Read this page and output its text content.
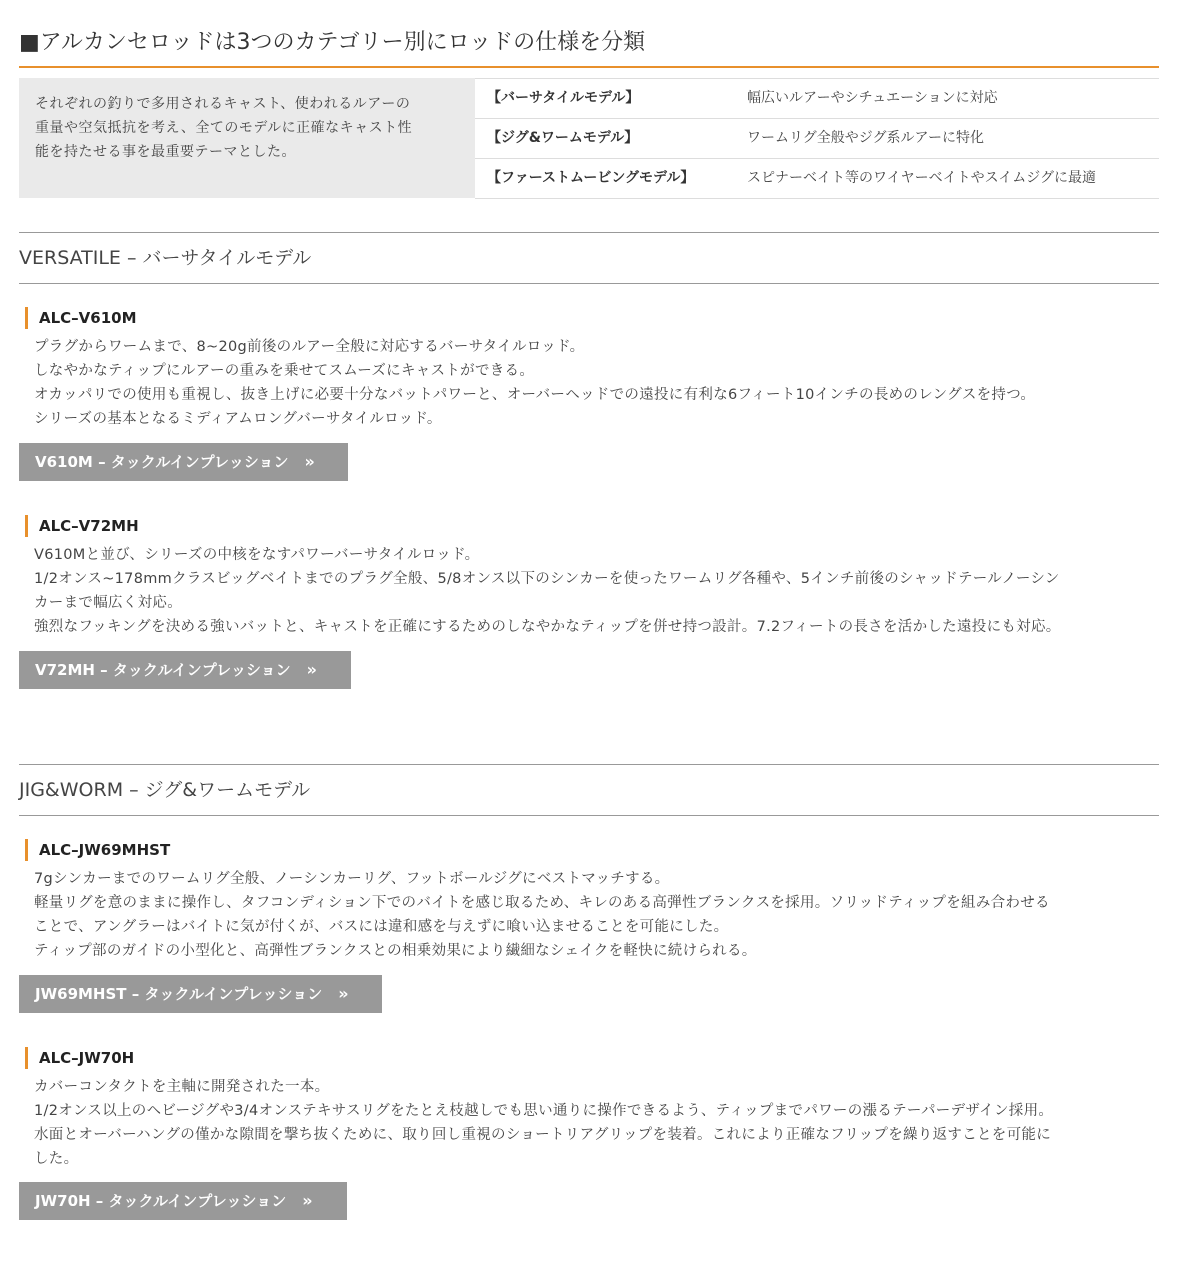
■アルカンセロッドは3つのカテゴリー別にロッドの仕様を分類
それぞれの釣りで多用されるキャスト、使われるルアーの
重量や空気抵抗を考え、全てのモデルに正確なキャスト性
能を持たせる事を最重要テーマとした。
【バーサタイルモデル】	幅広いルアーやシチュエーションに対応
【ジグ&ワームモデル】	ワームリグ全般やジグ系ルアーに特化
【ファーストムービングモデル】	スピナーベイト等のワイヤーベイトやスイムジグに最適
VERSATILE – バーサタイルモデル
ALC–V610M
プラグからワームまで、8~20g前後のルアー全般に対応するバーサタイルロッド。
しなやかなティップにルアーの重みを乗せてスムーズにキャストができる。
オカッパリでの使用も重視し、抜き上げに必要十分なバットパワーと、オーバーヘッドでの遠投に有利な6フィート10インチの長めのレングスを持つ。
シリーズの基本となるミディアムロングバーサタイルロッド。
V610M – タックルインプレッション »
ALC–V72MH
V610Mと並び、シリーズの中核をなすパワーバーサタイルロッド。
1/2オンス~178mmクラスビッグベイトまでのプラグ全般、5/8オンス以下のシンカーを使ったワームリグ各種や、5インチ前後のシャッドテールノーシン
カーまで幅広く対応。
強烈なフッキングを決める強いバットと、キャストを正確にするためのしなやかなティップを併せ持つ設計。7.2フィートの長さを活かした遠投にも対応。
V72MH – タックルインプレッション »
JIG&WORM – ジグ&ワームモデル
ALC–JW69MHST
7gシンカーまでのワームリグ全般、ノーシンカーリグ、フットボールジグにベストマッチする。
軽量リグを意のままに操作し、タフコンディション下でのバイトを感じ取るため、キレのある高弾性ブランクスを採用。ソリッドティップを組み合わせる
ことで、アングラーはバイトに気が付くが、バスには違和感を与えずに喰い込ませることを可能にした。
ティップ部のガイドの小型化と、高弾性ブランクスとの相乗効果により繊細なシェイクを軽快に続けられる。
JW69MHST – タックルインプレッション »
ALC–JW70H
カバーコンタクトを主軸に開発された一本。
1/2オンス以上のヘビージグや3/4オンステキサスリグをたとえ枝越しでも思い通りに操作できるよう、ティップまでパワーの漲るテーパーデザイン採用。
水面とオーバーハングの僅かな隙間を撃ち抜くために、取り回し重視のショートリアグリップを装着。これにより正確なフリップを繰り返すことを可能に
した。
JW70H – タックルインプレッション »
